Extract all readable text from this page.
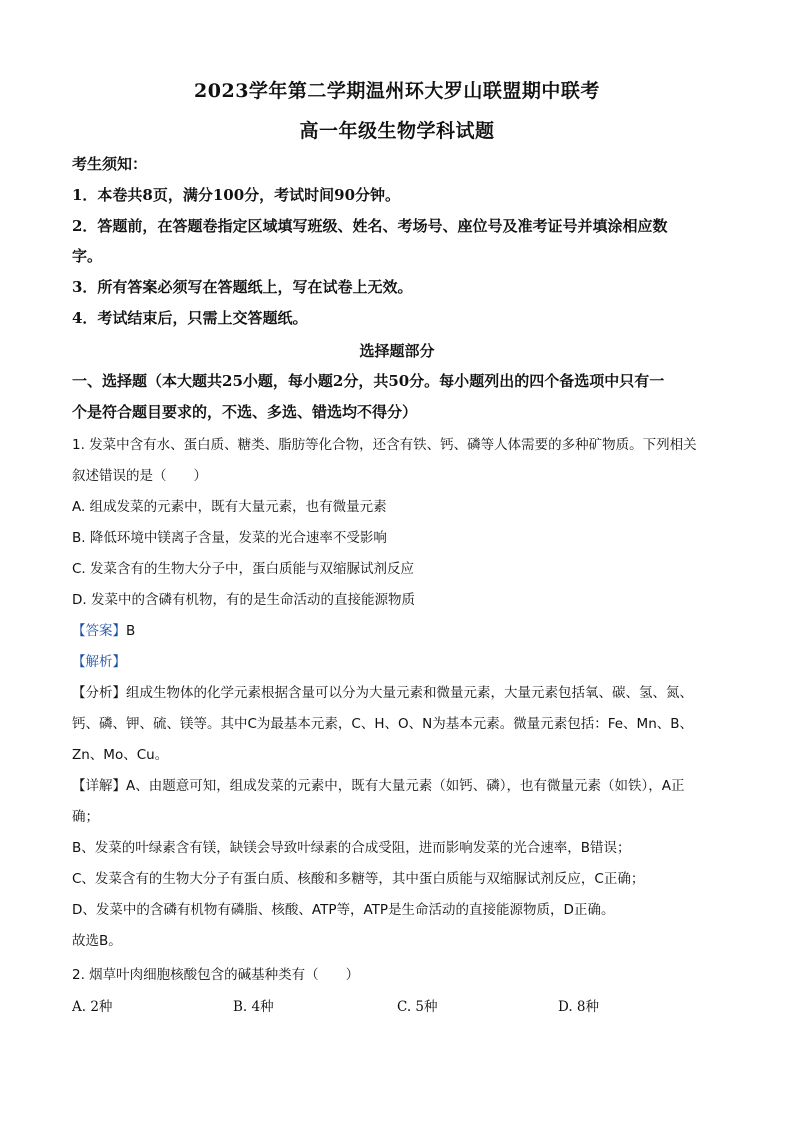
2023学年第二学期温州环大罗山联盟期中联考
高一年级生物学科试题
考生须知：
1．本卷共8页，满分100分，考试时间90分钟。
2．答题前，在答题卷指定区域填写班级、姓名、考场号、座位号及准考证号并填涂相应数
字。
3．所有答案必须写在答题纸上，写在试卷上无效。
4．考试结束后，只需上交答题纸。
选择题部分
一、选择题（本大题共25小题，每小题2分，共50分。每小题列出的四个备选项中只有一
个是符合题目要求的，不选、多选、错选均不得分）
1. 发菜中含有水、蛋白质、糖类、脂肪等化合物，还含有铁、钙、磷等人体需要的多种矿物质。下列相关
叙述错误的是（　　）
A. 组成发菜的元素中，既有大量元素，也有微量元素
B. 降低环境中镁离子含量，发菜的光合速率不受影响
C. 发菜含有的生物大分子中，蛋白质能与双缩脲试剂反应
D. 发菜中的含磷有机物，有的是生命活动的直接能源物质
【答案】B
【解析】
【分析】组成生物体的化学元素根据含量可以分为大量元素和微量元素，大量元素包括氧、碳、氢、氮、
钙、磷、钾、硫、镁等。其中C为最基本元素，C、H、O、N为基本元素。微量元素包括：Fe、Mn、B、
Zn、Mo、Cu。
【详解】A、由题意可知，组成发菜的元素中，既有大量元素（如钙、磷），也有微量元素（如铁），A正
确；
B、发菜的叶绿素含有镁，缺镁会导致叶绿素的合成受阻，进而影响发菜的光合速率，B错误；
C、发菜含有的生物大分子有蛋白质、核酸和多糖等，其中蛋白质能与双缩脲试剂反应，C正确；
D、发菜中的含磷有机物有磷脂、核酸、ATP等，ATP是生命活动的直接能源物质，D正确。
故选B。
2. 烟草叶肉细胞核酸包含的碱基种类有（　　）
A. 2种	B. 4种	C. 5种	D. 8种
